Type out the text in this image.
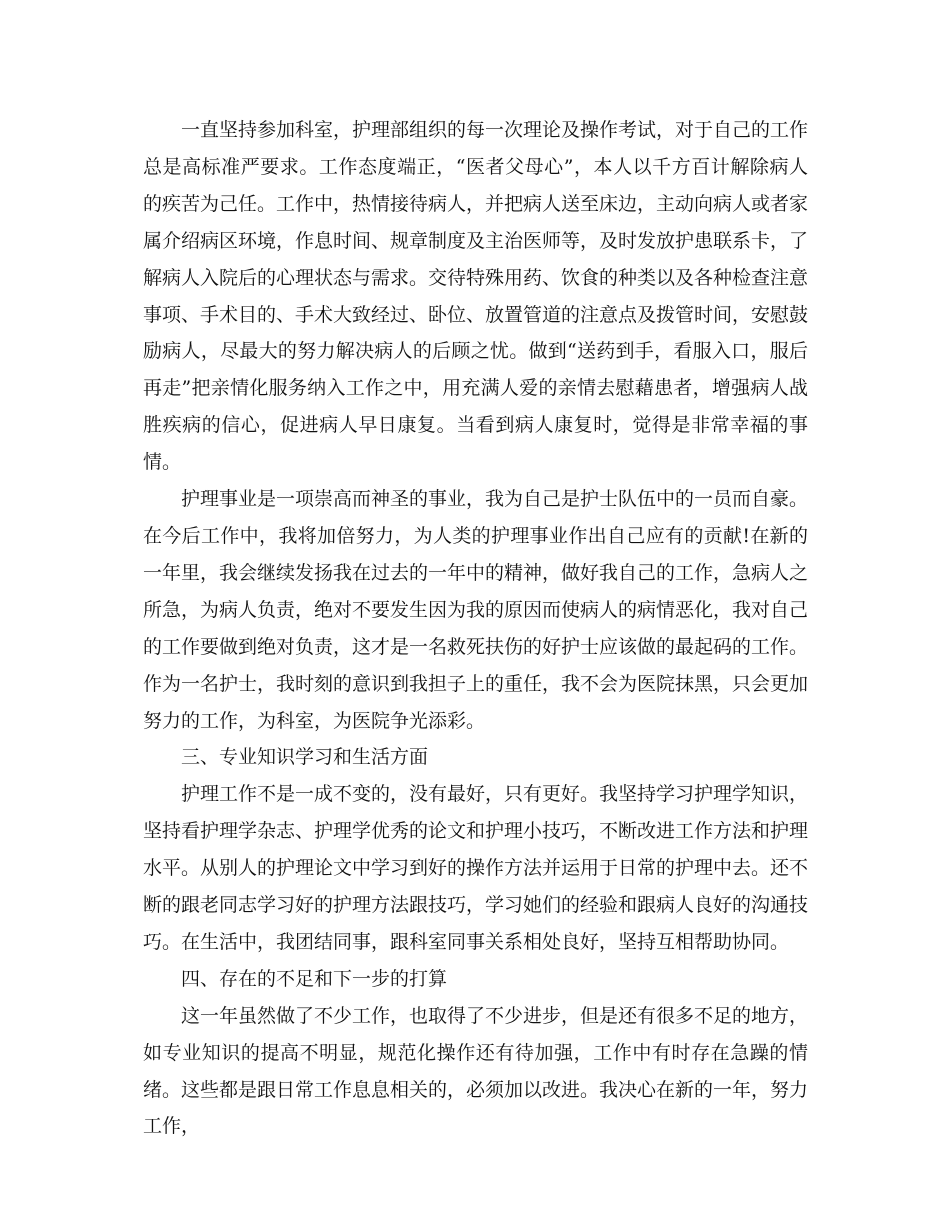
一直坚持参加科室，护理部组织的每一次理论及操作考试，对于自己的工作总是高标准严要求。工作态度端正，“医者父母心”，本人以千方百计解除病人的疾苦为己任。工作中，热情接待病人，并把病人送至床边，主动向病人或者家属介绍病区环境，作息时间、规章制度及主治医师等，及时发放护患联系卡，了解病人入院后的心理状态与需求。交待特殊用药、饮食的种类以及各种检查注意事项、手术目的、手术大致经过、卧位、放置管道的注意点及拨管时间，安慰鼓励病人，尽最大的努力解决病人的后顾之忧。做到“送药到手，看服入口，服后再走”把亲情化服务纳入工作之中，用充满人爱的亲情去慰藉患者，增强病人战胜疾病的信心，促进病人早日康复。当看到病人康复时，觉得是非常幸福的事情。

护理事业是一项崇高而神圣的事业，我为自己是护士队伍中的一员而自豪。在今后工作中，我将加倍努力，为人类的护理事业作出自己应有的贡献!在新的一年里，我会继续发扬我在过去的一年中的精神，做好我自己的工作，急病人之所急，为病人负责，绝对不要发生因为我的原因而使病人的病情恶化，我对自己的工作要做到绝对负责，这才是一名救死扶伤的好护士应该做的最起码的工作。作为一名护士，我时刻的意识到我担子上的重任，我不会为医院抹黑，只会更加努力的工作，为科室，为医院争光添彩。

三、专业知识学习和生活方面

护理工作不是一成不变的，没有最好，只有更好。我坚持学习护理学知识，坚持看护理学杂志、护理学优秀的论文和护理小技巧，不断改进工作方法和护理水平。从别人的护理论文中学习到好的操作方法并运用于日常的护理中去。还不断的跟老同志学习好的护理方法跟技巧，学习她们的经验和跟病人良好的沟通技巧。在生活中，我团结同事，跟科室同事关系相处良好，坚持互相帮助协同。

四、存在的不足和下一步的打算

这一年虽然做了不少工作，也取得了不少进步，但是还有很多不足的地方，如专业知识的提高不明显，规范化操作还有待加强，工作中有时存在急躁的情绪。这些都是跟日常工作息息相关的，必须加以改进。我决心在新的一年，努力工作，
